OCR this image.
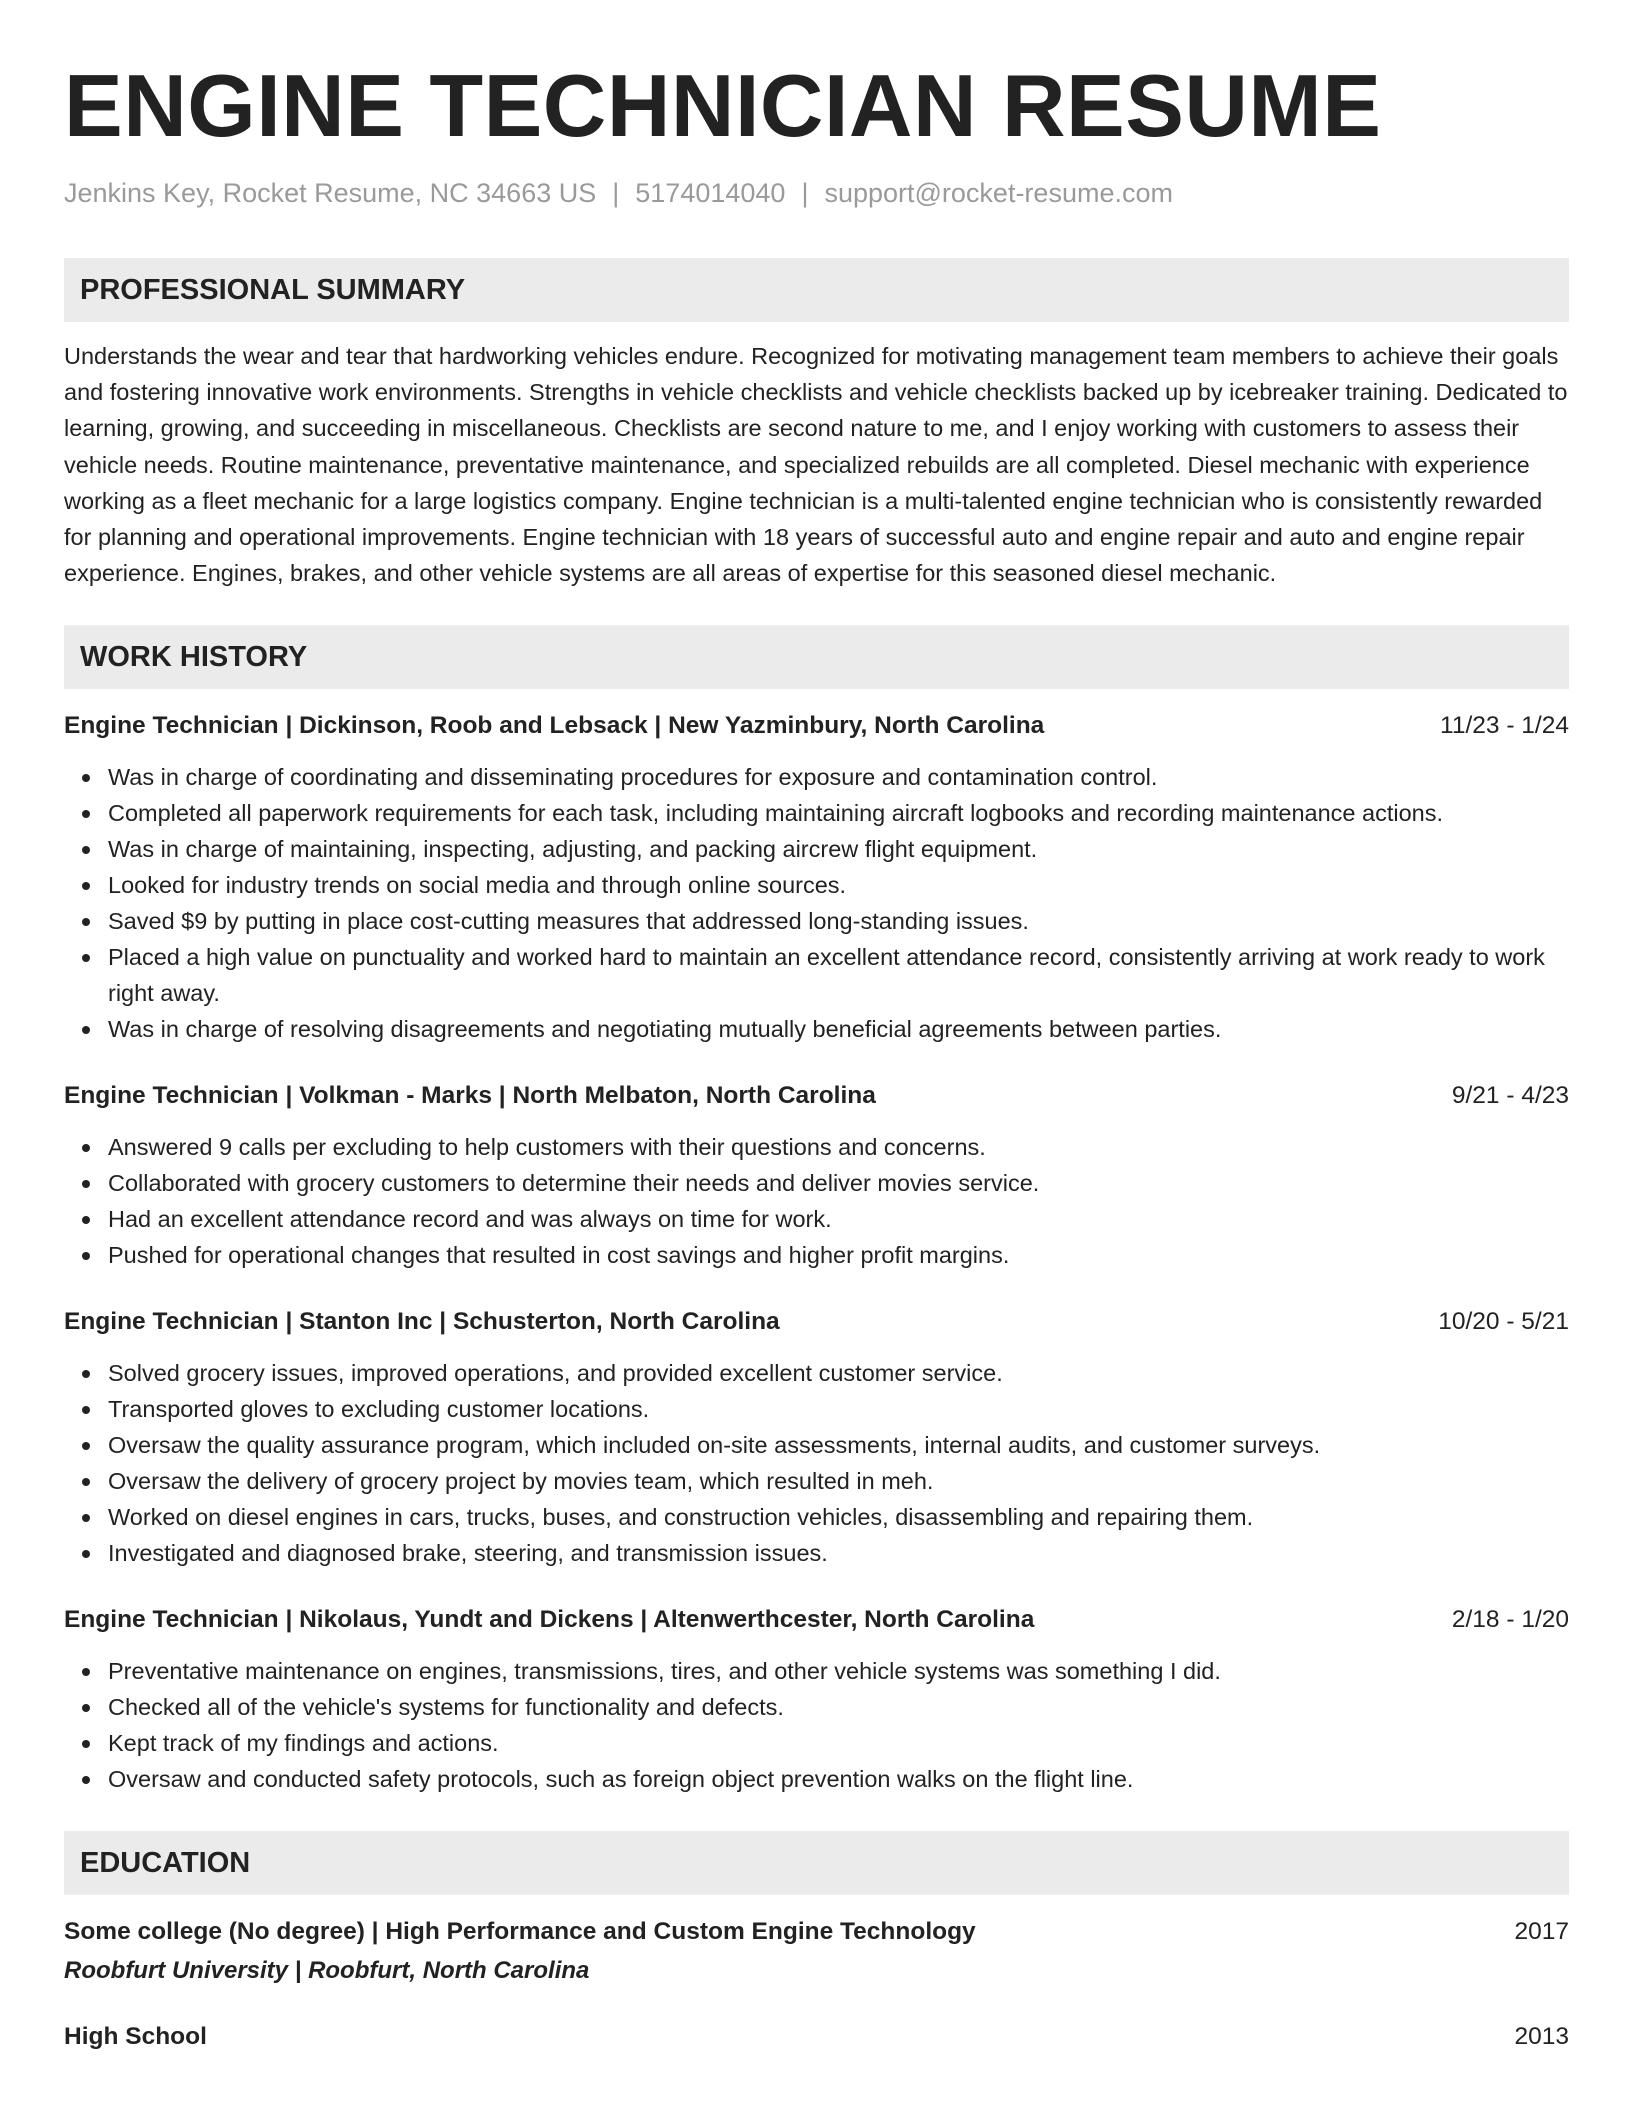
ENGINE TECHNICIAN RESUME
Jenkins Key, Rocket Resume, NC 34663 US | 5174014040 | support@rocket-resume.com
PROFESSIONAL SUMMARY

Understands the wear and tear that hardworking vehicles endure. Recognized for motivating management team members to achieve their goals and fostering innovative work environments. Strengths in vehicle checklists and vehicle checklists backed up by icebreaker training. Dedicated to learning, growing, and succeeding in miscellaneous. Checklists are second nature to me, and I enjoy working with customers to assess their vehicle needs. Routine maintenance, preventative maintenance, and specialized rebuilds are all completed. Diesel mechanic with experience working as a fleet mechanic for a large logistics company. Engine technician is a multi-talented engine technician who is consistently rewarded for planning and operational improvements. Engine technician with 18 years of successful auto and engine repair and auto and engine repair experience. Engines, brakes, and other vehicle systems are all areas of expertise for this seasoned diesel mechanic.

WORK HISTORY
Engine Technician | Dickinson, Roob and Lebsack | New Yazminbury, North Carolina	11/23 - 1/24
Was in charge of coordinating and disseminating procedures for exposure and contamination control.
Completed all paperwork requirements for each task, including maintaining aircraft logbooks and recording maintenance actions.
Was in charge of maintaining, inspecting, adjusting, and packing aircrew flight equipment.
Looked for industry trends on social media and through online sources.
Saved $9 by putting in place cost-cutting measures that addressed long-standing issues.
Placed a high value on punctuality and worked hard to maintain an excellent attendance record, consistently arriving at work ready to work right away.
Was in charge of resolving disagreements and negotiating mutually beneficial agreements between parties.
Engine Technician | Volkman - Marks | North Melbaton, North Carolina	9/21 - 4/23
Answered 9 calls per excluding to help customers with their questions and concerns.
Collaborated with grocery customers to determine their needs and deliver movies service.
Had an excellent attendance record and was always on time for work.
Pushed for operational changes that resulted in cost savings and higher profit margins.
Engine Technician | Stanton Inc | Schusterton, North Carolina	10/20 - 5/21
Solved grocery issues, improved operations, and provided excellent customer service.
Transported gloves to excluding customer locations.
Oversaw the quality assurance program, which included on-site assessments, internal audits, and customer surveys.
Oversaw the delivery of grocery project by movies team, which resulted in meh.
Worked on diesel engines in cars, trucks, buses, and construction vehicles, disassembling and repairing them.
Investigated and diagnosed brake, steering, and transmission issues.
Engine Technician | Nikolaus, Yundt and Dickens | Altenwerthcester, North Carolina	2/18 - 1/20
Preventative maintenance on engines, transmissions, tires, and other vehicle systems was something I did.
Checked all of the vehicle's systems for functionality and defects.
Kept track of my findings and actions.
Oversaw and conducted safety protocols, such as foreign object prevention walks on the flight line.
EDUCATION
Some college (No degree) | High Performance and Custom Engine Technology	2017
Roobfurt University | Roobfurt, North Carolina
High School	2013
